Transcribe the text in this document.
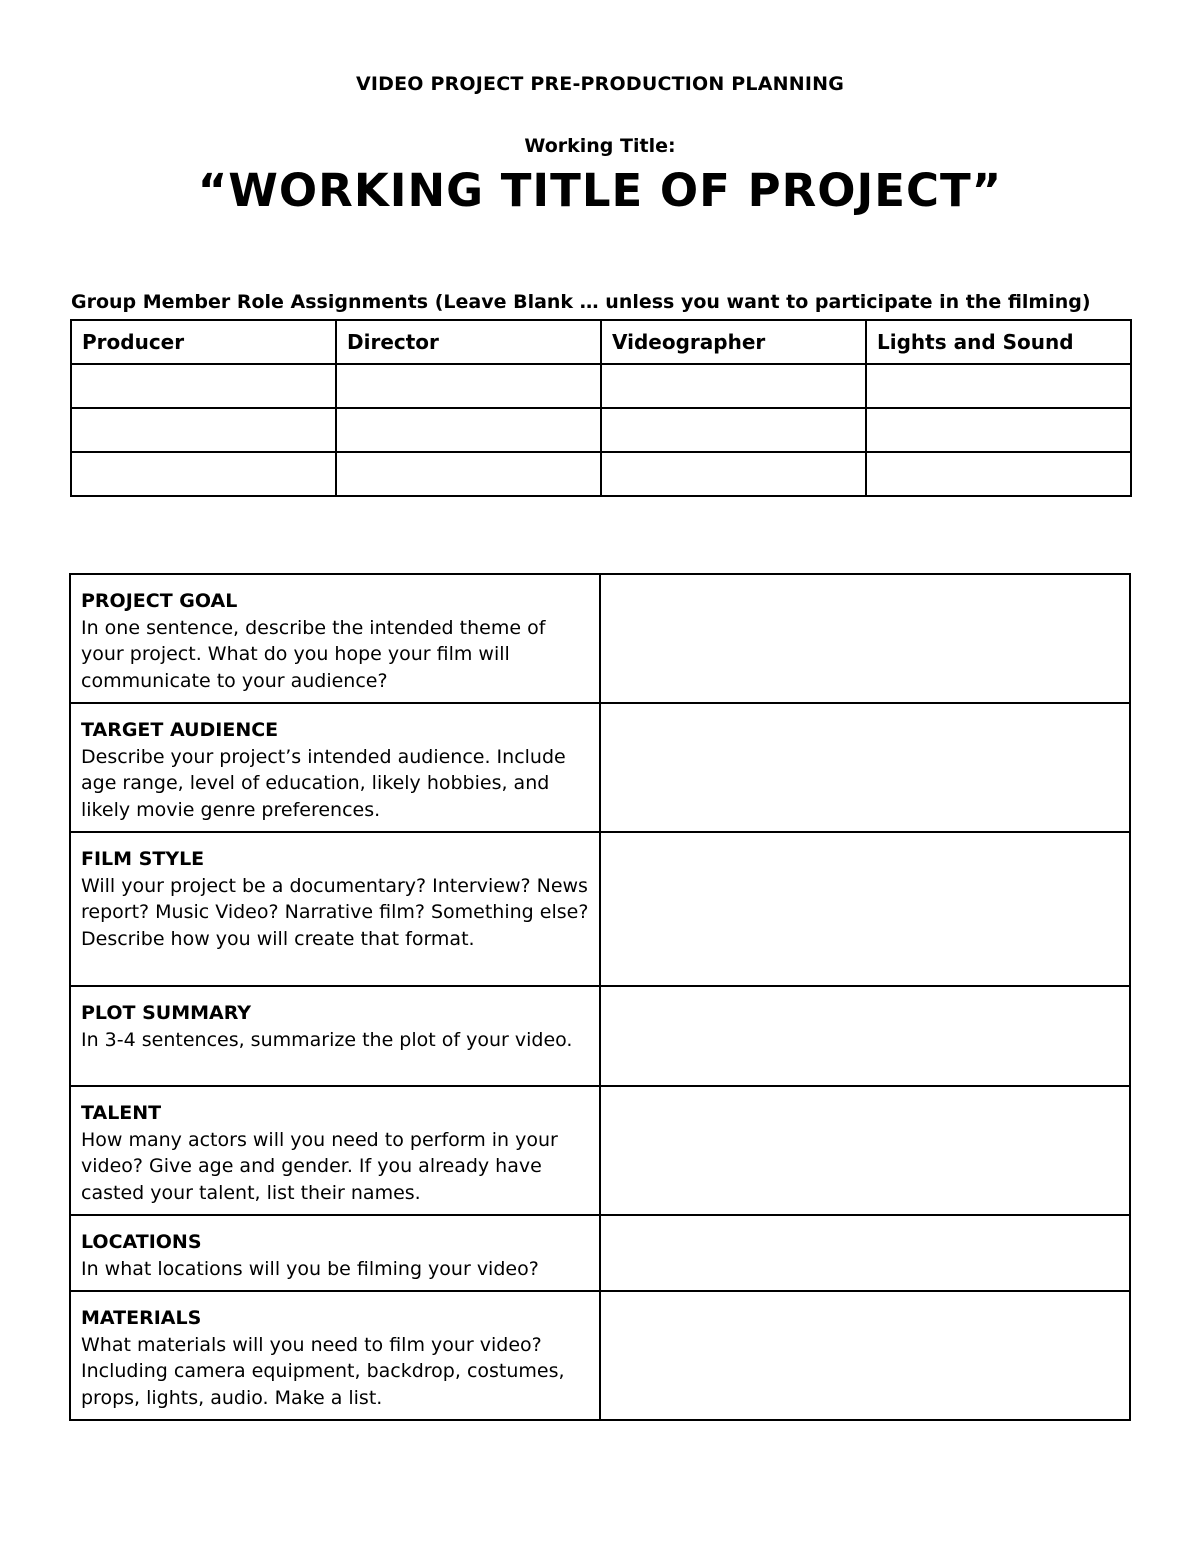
VIDEO PROJECT PRE-PRODUCTION PLANNING
Working Title:
“WORKING TITLE OF PROJECT”
Group Member Role Assignments (Leave Blank … unless you want to participate in the filming)
Producer	Director	Videographer	Lights and Sound

PROJECT GOAL
In one sentence, describe the intended theme of your project. What do you hope your film will communicate to your audience?	

TARGET AUDIENCE
Describe your project’s intended audience. Include age range, level of education, likely hobbies, and likely movie genre preferences.	

FILM STYLE
Will your project be a documentary? Interview? News report? Music Video? Narrative film? Something else? Describe how you will create that format.	

PLOT SUMMARY
In 3-4 sentences, summarize the plot of your video.	

TALENT
How many actors will you need to perform in your video? Give age and gender. If you already have casted your talent, list their names.	

LOCATIONS
In what locations will you be filming your video?	

MATERIALS
What materials will you need to film your video? Including camera equipment, backdrop, costumes, props, lights, audio. Make a list.	
